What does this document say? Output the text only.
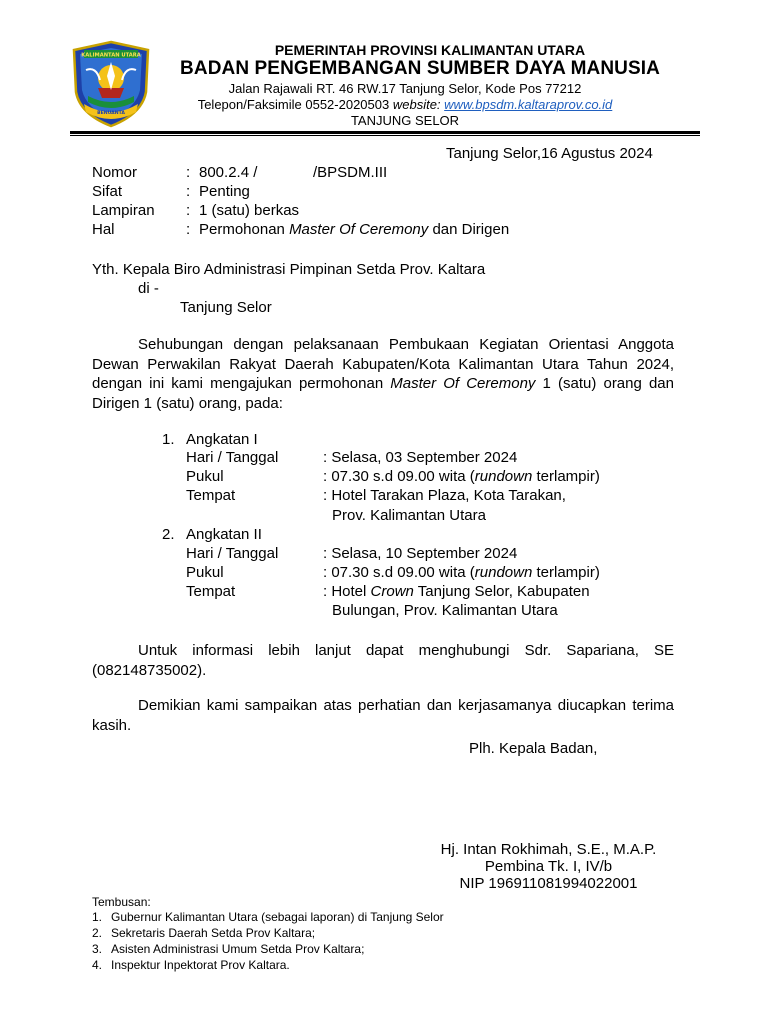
KALIMANTAN UTARA
BENUANTA
PEMERINTAH PROVINSI KALIMANTAN UTARA
BADAN PENGEMBANGAN SUMBER DAYA MANUSIA
Jalan Rajawali RT. 46 RW.17 Tanjung Selor, Kode Pos 77212
Telepon/Faksimile 0552-2020503 website: www.bpsdm.kaltaraprov.co.id
TANJUNG SELOR
Tanjung Selor,16 Agustus 2024
Nomor	: 800.2.4 /	/BPSDM.III
Sifat	: Penting
Lampiran : 1 (satu) berkas
Hal	: Permohonan Master Of Ceremony dan Dirigen
Yth. Kepala Biro Administrasi Pimpinan Setda Prov. Kaltara
di -
Tanjung Selor
Sehubungan dengan pelaksanaan Pembukaan Kegiatan Orientasi Anggota Dewan Perwakilan Rakyat Daerah Kabupaten/Kota Kalimantan Utara Tahun 2024, dengan ini kami mengajukan permohonan Master Of Ceremony 1 (satu) orang dan Dirigen 1 (satu) orang, pada:
1. Angkatan I
Hari / Tanggal	: Selasa, 03 September 2024
Pukul	: 07.30 s.d 09.00 wita (rundown terlampir)
Tempat	: Hotel Tarakan Plaza, Kota Tarakan,
Prov. Kalimantan Utara
2. Angkatan II
Hari / Tanggal	: Selasa, 10 September 2024
Pukul	: 07.30 s.d 09.00 wita (rundown terlampir)
Tempat	: Hotel Crown Tanjung Selor, Kabupaten
Bulungan, Prov. Kalimantan Utara
Untuk informasi lebih lanjut dapat menghubungi Sdr. Sapariana, SE (082148735002).
Demikian kami sampaikan atas perhatian dan kerjasamanya diucapkan terima kasih.
Plh. Kepala Badan,
Hj. Intan Rokhimah, S.E., M.A.P.
Pembina Tk. I, IV/b
NIP 196911081994022001
Tembusan:
1. Gubernur Kalimantan Utara (sebagai laporan) di Tanjung Selor
2. Sekretaris Daerah Setda Prov Kaltara;
3. Asisten Administrasi Umum Setda Prov Kaltara;
4. Inspektur Inpektorat Prov Kaltara.
